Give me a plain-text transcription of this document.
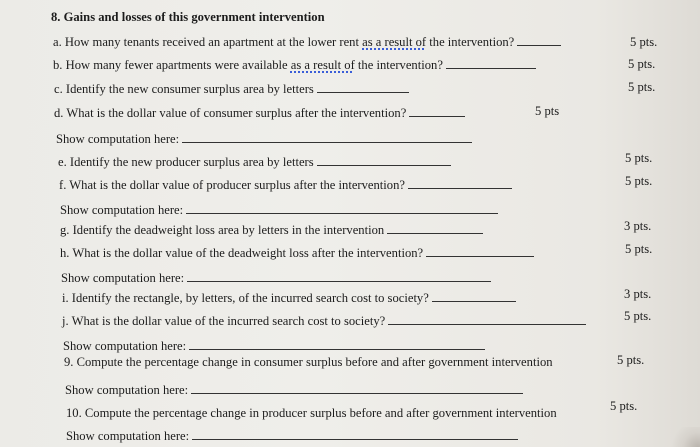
8. Gains and losses of this government intervention
a. How many tenants received an apartment at the lower rent as a result of the intervention?	5 pts.
b. How many fewer apartments were available as a result of the intervention?	5 pts.
c. Identify the new consumer surplus area by letters	5 pts.
d. What is the dollar value of consumer surplus after the intervention?	5 pts
Show computation here:
e. Identify the new producer surplus area by letters	5 pts.
f. What is the dollar value of producer surplus after the intervention?	5 pts.
Show computation here:
g. Identify the deadweight loss area by letters in the intervention	3 pts.
h. What is the dollar value of the deadweight loss after the intervention?	5 pts.
Show computation here:
i. Identify the rectangle, by letters, of the incurred search cost to society?	3 pts.
j. What is the dollar value of the incurred search cost to society?	5 pts.
Show computation here:
9. Compute the percentage change in consumer surplus before and after government intervention	5 pts.
Show computation here:
10. Compute the percentage change in producer surplus before and after government intervention	5 pts.
Show computation here:
